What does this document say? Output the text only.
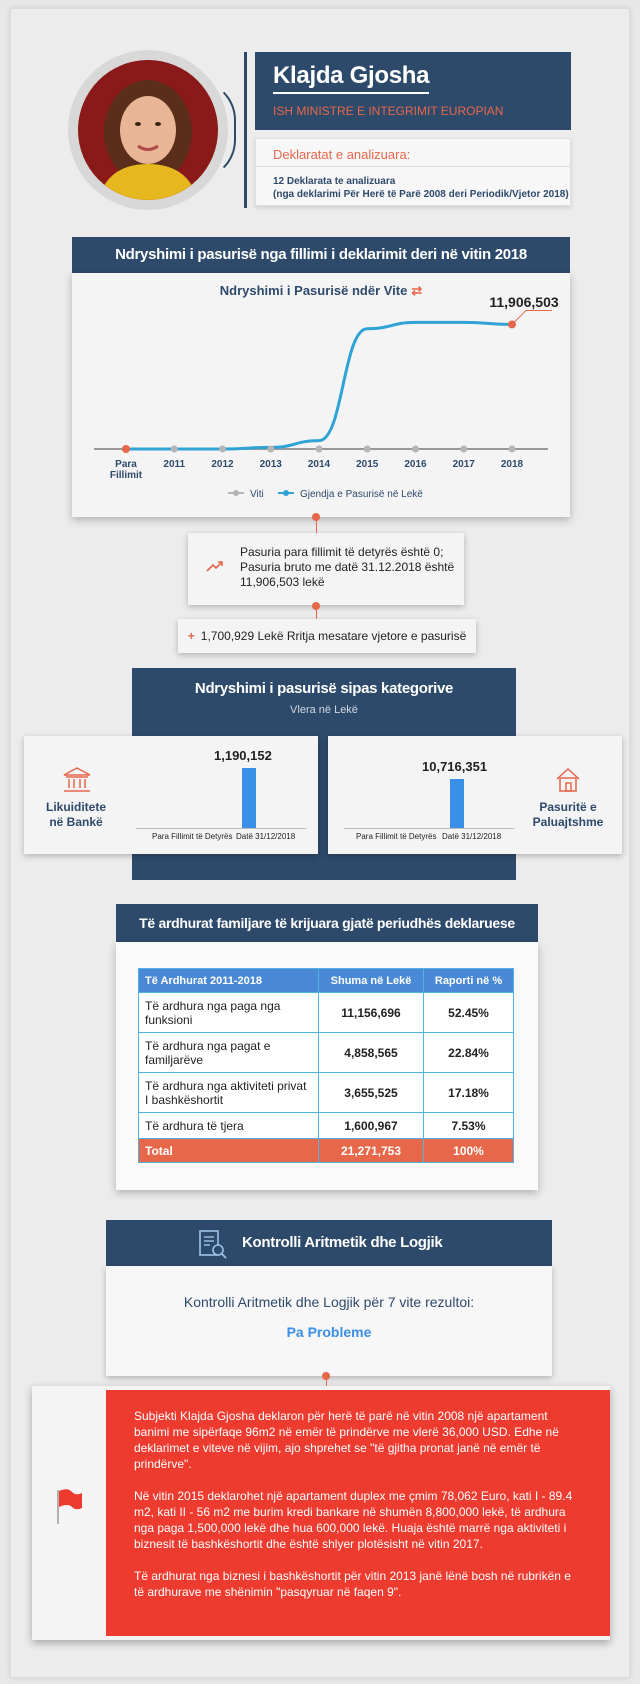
Klajda Gjosha
ISH MINISTRE E INTEGRIMIT EUROPIAN
Deklaratat e analizuara:
12 Deklarata te analizuara
(nga deklarimi Për Herë të Parë 2008 deri Periodik/Vjetor 2018)
Ndryshimi i pasurisë nga fillimi i deklarimit deri në vitin 2018
Ndryshimi i Pasurisë ndër Vite ⇄
Para
Fillimit
2011	2012	2013	2014	2015	2016	2017	2018
11,906,503
Viti	Gjendja e Pasurisë në Lekë
Pasuria para fillimit të detyrës është 0; Pasuria bruto me datë 31.12.2018 është 11,906,503 lekë
+ 1,700,929 Lekë Rritja mesatare vjetore e pasurisë
Ndryshimi i pasurisë sipas kategorive
Vlera në Lekë
Likuiditete
në Bankë
1,190,152
Para Fillimit të Detyrës Datë 31/12/2018
10,716,351
Para Fillimit të Detyrës Datë 31/12/2018
Pasuritë e
Paluajtshme
Të ardhurat familjare të krijuara gjatë periudhës deklaruese
Të Ardhurat 2011-2018	Shuma në Lekë	Raporti në %
Të ardhura nga paga nga funksioni	11,156,696	52.45%
Të ardhura nga pagat e familjarëve	4,858,565	22.84%
Të ardhura nga aktiviteti privat I bashkëshortit	3,655,525	17.18%
Të ardhura të tjera	1,600,967	7.53%
Total	21,271,753	100%
Kontrolli Aritmetik dhe Logjik
Kontrolli Aritmetik dhe Logjik për 7 vite rezultoi:
Pa Probleme

Subjekti Klajda Gjosha deklaron për herë të parë në vitin 2008 një apartament banimi me sipërfaqe 96m2 në emër të prindërve me vlerë 36,000 USD. Edhe në deklarimet e viteve në vijim, ajo shprehet se "të gjitha pronat janë në emër të prindërve".

Në vitin 2015 deklarohet një apartament duplex me çmim 78,062 Euro, kati I - 89.4 m2, kati II - 56 m2 me burim kredi bankare në shumën 8,800,000 lekë, të ardhura nga paga 1,500,000 lekë dhe hua 600,000 lekë. Huaja është marrë nga aktiviteti i biznesit të bashkëshortit dhe është shlyer plotësisht në vitin 2017.

Të ardhurat nga biznesi i bashkëshortit për vitin 2013 janë lënë bosh në rubrikën e të ardhurave me shënimin "pasqyruar në faqen 9".
